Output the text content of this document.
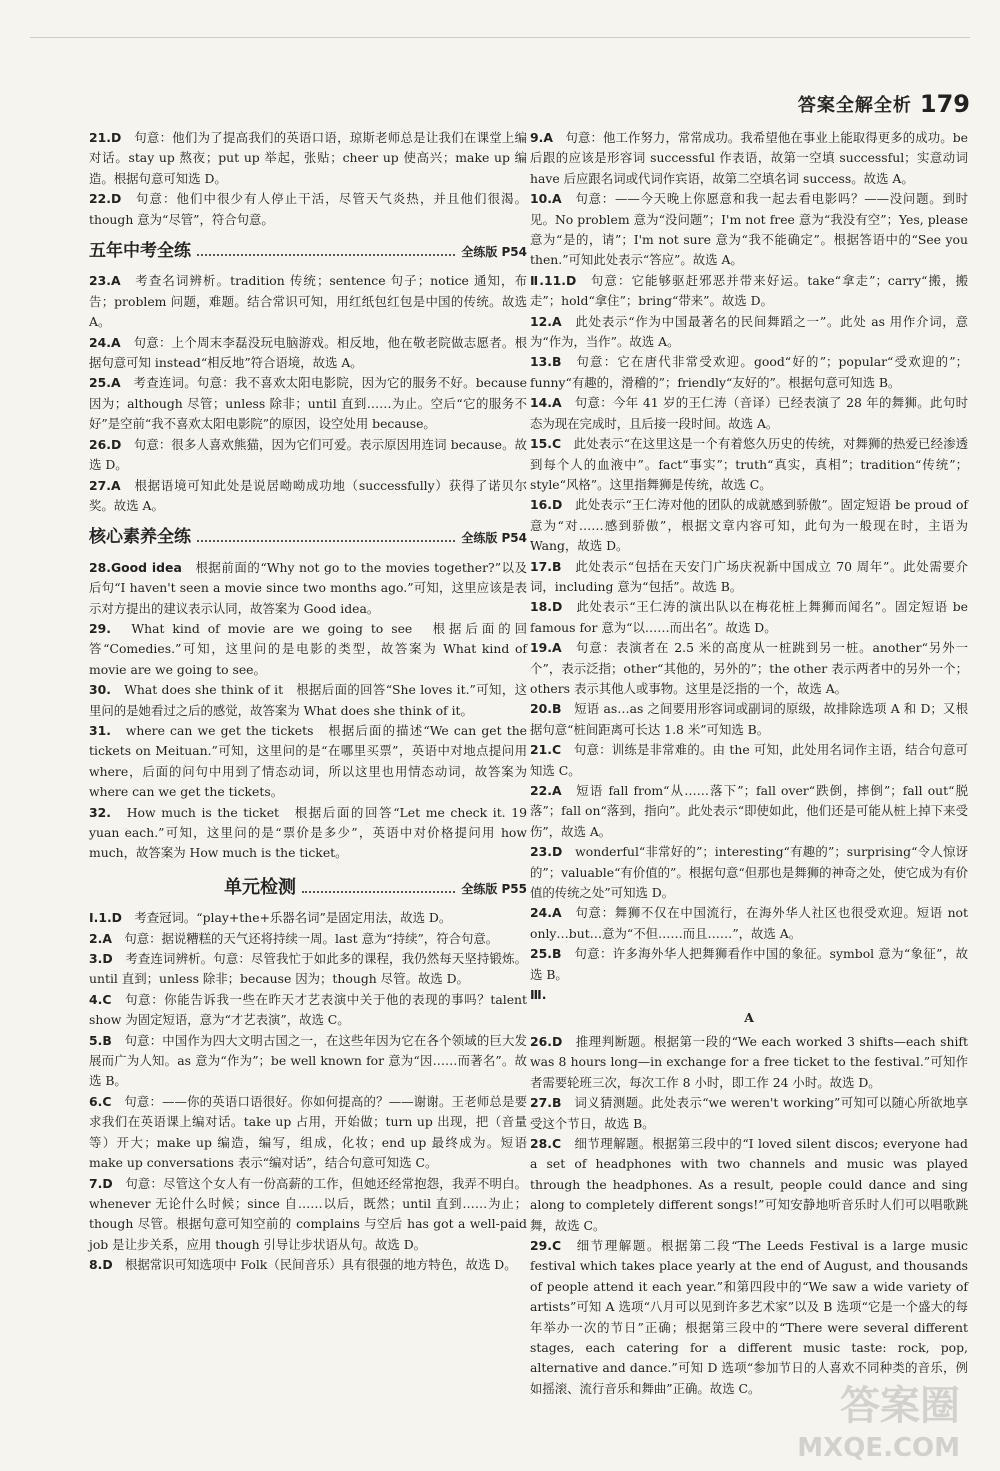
答案全解全析 179

21.D　 句意：他们为了提高我们的英语口语，琼斯老师总是让我们在课堂上编对话。stay up 熬夜；put up 举起，张贴；cheer up 使高兴；make up 编造。根据句意可知选 D。

22.D　 句意：他们中很少有人停止干活，尽管天气炎热，并且他们很渴。though 意为“尽管”，符合句意。

五年中考全练	全练版 P54

23.A　 考查名词辨析。tradition 传统；sentence 句子；notice 通知，布告；problem 问题，难题。结合常识可知，用红纸包红包是中国的传统。故选 A。

24.A　 句意：上个周末李磊没玩电脑游戏。相反地，他在敬老院做志愿者。根据句意可知 instead“相反地”符合语境，故选 A。

25.A　 考查连词。句意：我不喜欢太阳电影院，因为它的服务不好。because 因为；although 尽管；unless 除非；until 直到……为止。空后“它的服务不好”是空前“我不喜欢太阳电影院”的原因，设空处用 because。

26.D　 句意：很多人喜欢熊猫，因为它们可爱。表示原因用连词 because。故选 D。

27.A　 根据语境可知此处是说居呦呦成功地（successfully）获得了诺贝尔奖。故选 A。

核心素养全练	全练版 P54

28.Good idea　 根据前面的“Why not go to the movies together?”以及后句“I haven't seen a movie since two months ago.”可知，这里应该是表示对方提出的建议表示认同，故答案为 Good idea。

29.　 What kind of movie are we going to see　根据后面的回答“Comedies.”可知，这里问的是电影的类型，故答案为 What kind of movie are we going to see。

30.　 What does she think of it　根据后面的回答“She loves it.”可知，这里问的是她看过之后的感觉，故答案为 What does she think of it。

31.　 where can we get the tickets　根据后面的描述“We can get the tickets on Meituan.”可知，这里问的是“在哪里买票”，英语中对地点提问用 where，后面的问句中用到了情态动词，所以这里也用情态动词，故答案为 where can we get the tickets。

32.　 How much is the ticket　根据后面的回答“Let me check it. 19 yuan each.”可知，这里问的是“票价是多少”，英语中对价格提问用 how much，故答案为 How much is the ticket。

单元检测	全练版 P55

Ⅰ.1.D　 考查冠词。“play+the+乐器名词”是固定用法，故选 D。

2.A　 句意：据说糟糕的天气还将持续一周。last 意为“持续”，符合句意。

3.D　 考查连词辨析。句意：尽管我忙于如此多的课程，我仍然每天坚持锻炼。until 直到；unless 除非；because 因为；though 尽管。故选 D。

4.C　 句意：你能告诉我一些在昨天才艺表演中关于他的表现的事吗？talent show 为固定短语，意为“才艺表演”，故选 C。

5.B　 句意：中国作为四大文明古国之一，在这些年因为它在各个领域的巨大发展而广为人知。as 意为“作为”；be well known for 意为“因……而著名”。故选 B。

6.C　 句意：——你的英语口语很好。你如何提高的？——谢谢。王老师总是要求我们在英语课上编对话。take up 占用，开始做；turn up 出现，把（音量等）开大；make up 编造，编写，组成，化妆；end up 最终成为。短语 make up conversations 表示“编对话”，结合句意可知选 C。

7.D　 句意：尽管这个女人有一份高薪的工作，但她还经常抱怨，我弄不明白。whenever 无论什么时候；since 自……以后，既然；until 直到……为止；though 尽管。根据句意可知空前的 complains 与空后 has got a well-paid job 是让步关系，应用 though 引导让步状语从句。故选 D。

8.D　 根据常识可知选项中 Folk（民间音乐）具有很强的地方特色，故选 D。

9.A　 句意：他工作努力，常常成功。我希望他在事业上能取得更多的成功。be 后跟的应该是形容词 successful 作表语，故第一空填 successful；实意动词 have 后应跟名词或代词作宾语，故第二空填名词 success。故选 A。

10.A　 句意：——今天晚上你愿意和我一起去看电影吗？——没问题。到时见。No problem 意为“没问题”；I'm not free 意为“我没有空”；Yes, please 意为“是的，请”；I'm not sure 意为“我不能确定”。根据答语中的“See you then.”可知此处表示“答应”。故选 A。

Ⅱ.11.D　 句意：它能够驱赶邪恶并带来好运。take“拿走”；carry“搬，搬走”；hold“拿住”；bring“带来”。故选 D。

12.A　 此处表示“作为中国最著名的民间舞蹈之一”。此处 as 用作介词，意为“作为，当作”。故选 A。

13.B　 句意：它在唐代非常受欢迎。good“好的”；popular“受欢迎的”；funny“有趣的，滑稽的”；friendly“友好的”。根据句意可知选 B。

14.A　 句意：今年 41 岁的王仁涛（音译）已经表演了 28 年的舞狮。此句时态为现在完成时，且后接一段时间。故选 A。

15.C　 此处表示“在这里这是一个有着悠久历史的传统，对舞狮的热爱已经渗透到每个人的血液中”。fact“事实”；truth“真实，真相”；tradition“传统”；style“风格”。这里指舞狮是传统，故选 C。

16.D　 此处表示“王仁涛对他的团队的成就感到骄傲”。固定短语 be proud of 意为“对……感到骄傲”，根据文章内容可知，此句为一般现在时，主语为 Wang，故选 D。

17.B　 此处表示“包括在天安门广场庆祝新中国成立 70 周年”。此处需要介词，including 意为“包括”。故选 B。

18.D　 此处表示“王仁涛的演出队以在梅花桩上舞狮而闻名”。固定短语 be famous for 意为“以……而出名”。故选 D。

19.A　 句意：表演者在 2.5 米的高度从一桩跳到另一桩。another“另外一个”，表示泛指；other“其他的，另外的”；the other 表示两者中的另外一个；others 表示其他人或事物。这里是泛指的一个，故选 A。

20.B　 短语 as…as 之间要用形容词或副词的原级，故排除选项 A 和 D；又根据句意“桩间距离可长达 1.8 米”可知选 B。

21.C　 句意：训练是非常难的。由 the 可知，此处用名词作主语，结合句意可知选 C。

22.A　 短语 fall from“从……落下”；fall over“跌倒，摔倒”；fall out“脱落”；fall on“落到，指向”。此处表示“即使如此，他们还是可能从桩上掉下来受伤”，故选 A。

23.D　 wonderful“非常好的”；interesting“有趣的”；surprising“令人惊讶的”；valuable“有价值的”。根据句意“但那也是舞狮的神奇之处，使它成为有价值的传统之处”可知选 D。

24.A　 句意：舞狮不仅在中国流行，在海外华人社区也很受欢迎。短语 not only…but…意为“不但……而且……”，故选 A。

25.B　 句意：许多海外华人把舞狮看作中国的象征。symbol 意为“象征”，故选 B。

Ⅲ.

A

26.D　 推理判断题。根据第一段的“We each worked 3 shifts—each shift was 8 hours long—in exchange for a free ticket to the festival.”可知作者需要轮班三次，每次工作 8 小时，即工作 24 小时。故选 D。

27.B　 词义猜测题。此处表示“we weren't working”可知可以随心所欲地享受这个节日，故选 B。

28.C　 细节理解题。根据第三段中的“I loved silent discos; everyone had a set of headphones with two channels and music was played through the headphones. As a result, people could dance and sing along to completely different songs!”可知安静地听音乐时人们可以唱歌跳舞，故选 C。

29.C　 细节理解题。根据第二段“The Leeds Festival is a large music festival which takes place yearly at the end of August, and thousands of people attend it each year.”和第四段中的“We saw a wide variety of artists”可知 A 选项“八月可以见到许多艺术家”以及 B 选项“它是一个盛大的每年举办一次的节日”正确；根据第三段中的“There were several different stages, each catering for a different music taste: rock, pop, alternative and dance.”可知 D 选项“参加节日的人喜欢不同种类的音乐，例如摇滚、流行音乐和舞曲”正确。故选 C。	答案圈
MXQE.COM
